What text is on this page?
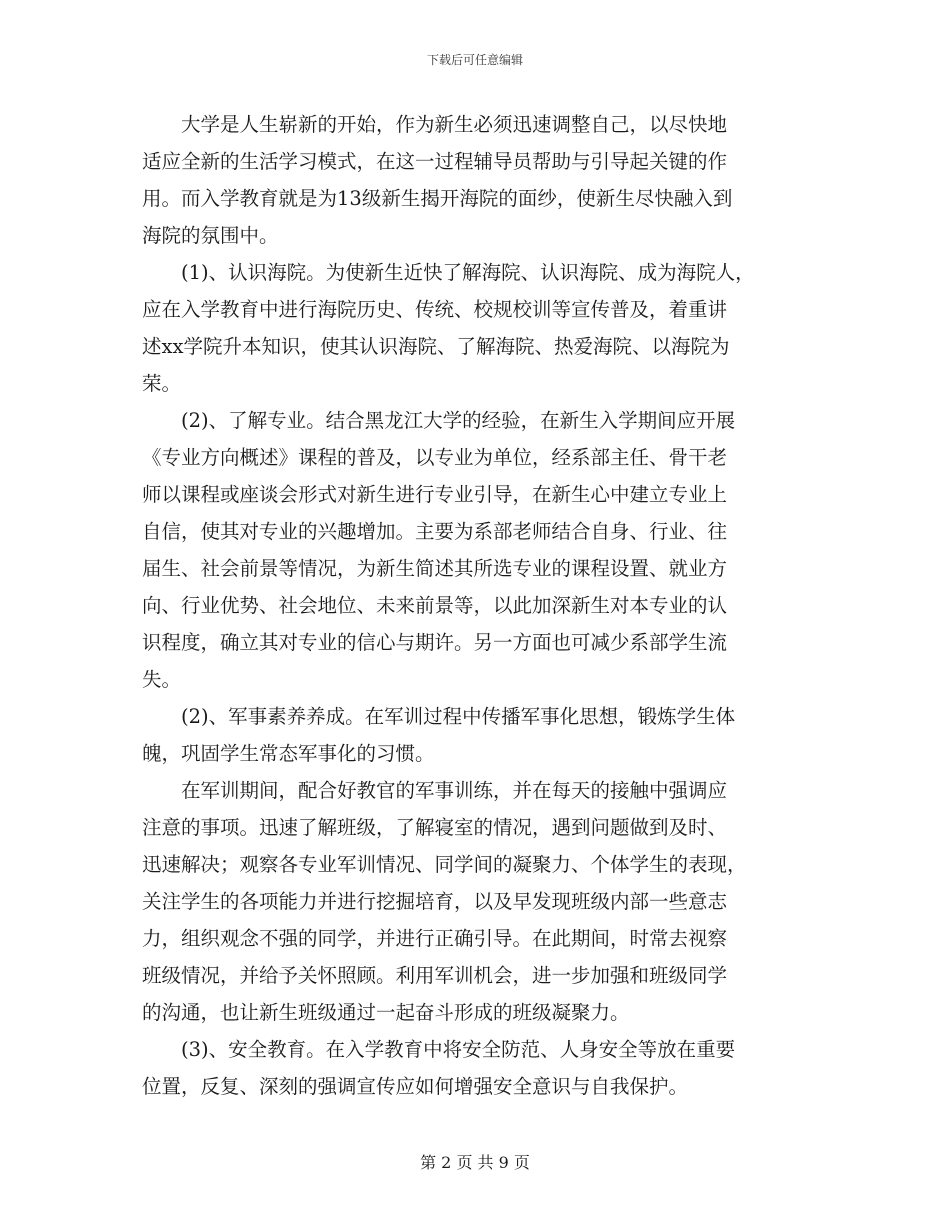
下载后可任意编辑
　　大学是人生崭新的开始，作为新生必须迅速调整自己，以尽快地
适应全新的生活学习模式，在这一过程辅导员帮助与引导起关键的作
用。而入学教育就是为13级新生揭开海院的面纱，使新生尽快融入到
海院的氛围中。
　　(1)、认识海院。为使新生近快了解海院、认识海院、成为海院人，
应在入学教育中进行海院历史、传统、校规校训等宣传普及，着重讲
述xx学院升本知识，使其认识海院、了解海院、热爱海院、以海院为
荣。
　　(2)、了解专业。结合黑龙江大学的经验，在新生入学期间应开展
《专业方向概述》课程的普及，以专业为单位，经系部主任、骨干老
师以课程或座谈会形式对新生进行专业引导，在新生心中建立专业上
自信，使其对专业的兴趣增加。主要为系部老师结合自身、行业、往
届生、社会前景等情况，为新生简述其所选专业的课程设置、就业方
向、行业优势、社会地位、未来前景等，以此加深新生对本专业的认
识程度，确立其对专业的信心与期许。另一方面也可减少系部学生流
失。
　　(2)、军事素养养成。在军训过程中传播军事化思想，锻炼学生体
魄，巩固学生常态军事化的习惯。
　　在军训期间，配合好教官的军事训练，并在每天的接触中强调应
注意的事项。迅速了解班级，了解寝室的情况，遇到问题做到及时、
迅速解决；观察各专业军训情况、同学间的凝聚力、个体学生的表现，
关注学生的各项能力并进行挖掘培育，以及早发现班级内部一些意志
力，组织观念不强的同学，并进行正确引导。在此期间，时常去视察
班级情况，并给予关怀照顾。利用军训机会，进一步加强和班级同学
的沟通，也让新生班级通过一起奋斗形成的班级凝聚力。
　　(3)、安全教育。在入学教育中将安全防范、人身安全等放在重要
位置，反复、深刻的强调宣传应如何增强安全意识与自我保护。
第 2 页 共 9 页
